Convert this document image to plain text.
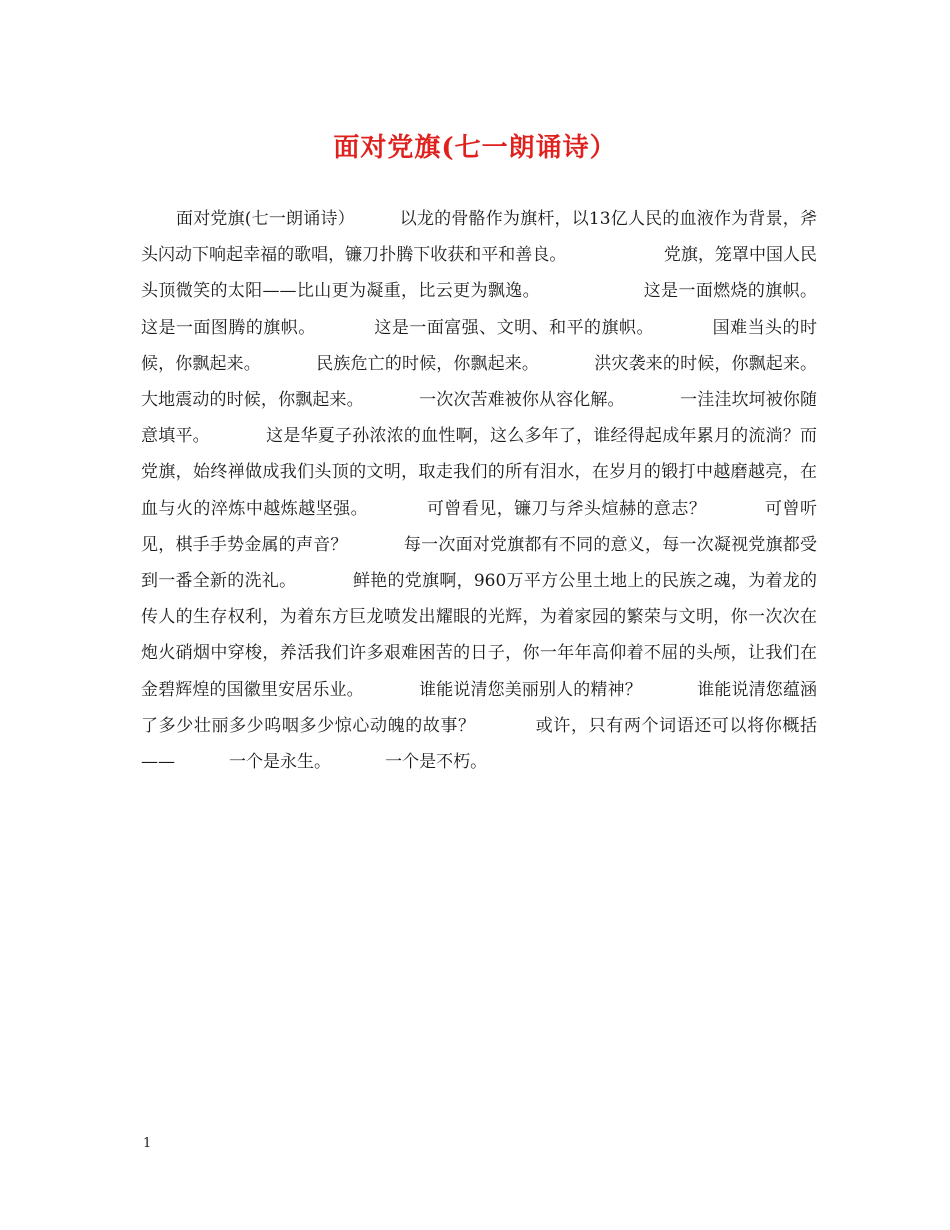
面对党旗(七一朗诵诗）

面对党旗(七一朗诵诗）        以龙的骨骼作为旗杆，以13亿人民的血液作为背景，斧头闪动下响起幸福的歌唱，镰刀扑腾下收获和平和善良。                  党旗，笼罩中国人民头顶微笑的太阳——比山更为凝重，比云更为飘逸。                  这是一面燃烧的旗帜。          这是一面图腾的旗帜。          这是一面富强、文明、和平的旗帜。          国难当头的时候，你飘起来。          民族危亡的时候，你飘起来。          洪灾袭来的时候，你飘起来。          大地震动的时候，你飘起来。          一次次苦难被你从容化解。          一洼洼坎坷被你随意填平。          这是华夏子孙浓浓的血性啊，这么多年了，谁经得起成年累月的流淌？而党旗，始终禅做成我们头顶的文明，取走我们的所有泪水，在岁月的锻打中越磨越亮，在血与火的淬炼中越炼越坚强。          可曾看见，镰刀与斧头煊赫的意志？          可曾听见，棋手手势金属的声音？          每一次面对党旗都有不同的意义，每一次凝视党旗都受到一番全新的洗礼。          鲜艳的党旗啊，960万平方公里土地上的民族之魂，为着龙的传人的生存权利，为着东方巨龙喷发出耀眼的光辉，为着家园的繁荣与文明，你一次次在炮火硝烟中穿梭，养活我们许多艰难困苦的日子，你一年年高仰着不屈的头颅，让我们在金碧辉煌的国徽里安居乐业。          谁能说清您美丽别人的精神？          谁能说清您蕴涵了多少壮丽多少呜咽多少惊心动魄的故事？          或许，只有两个词语还可以将你概括——          一个是永生。          一个是不朽。

1
